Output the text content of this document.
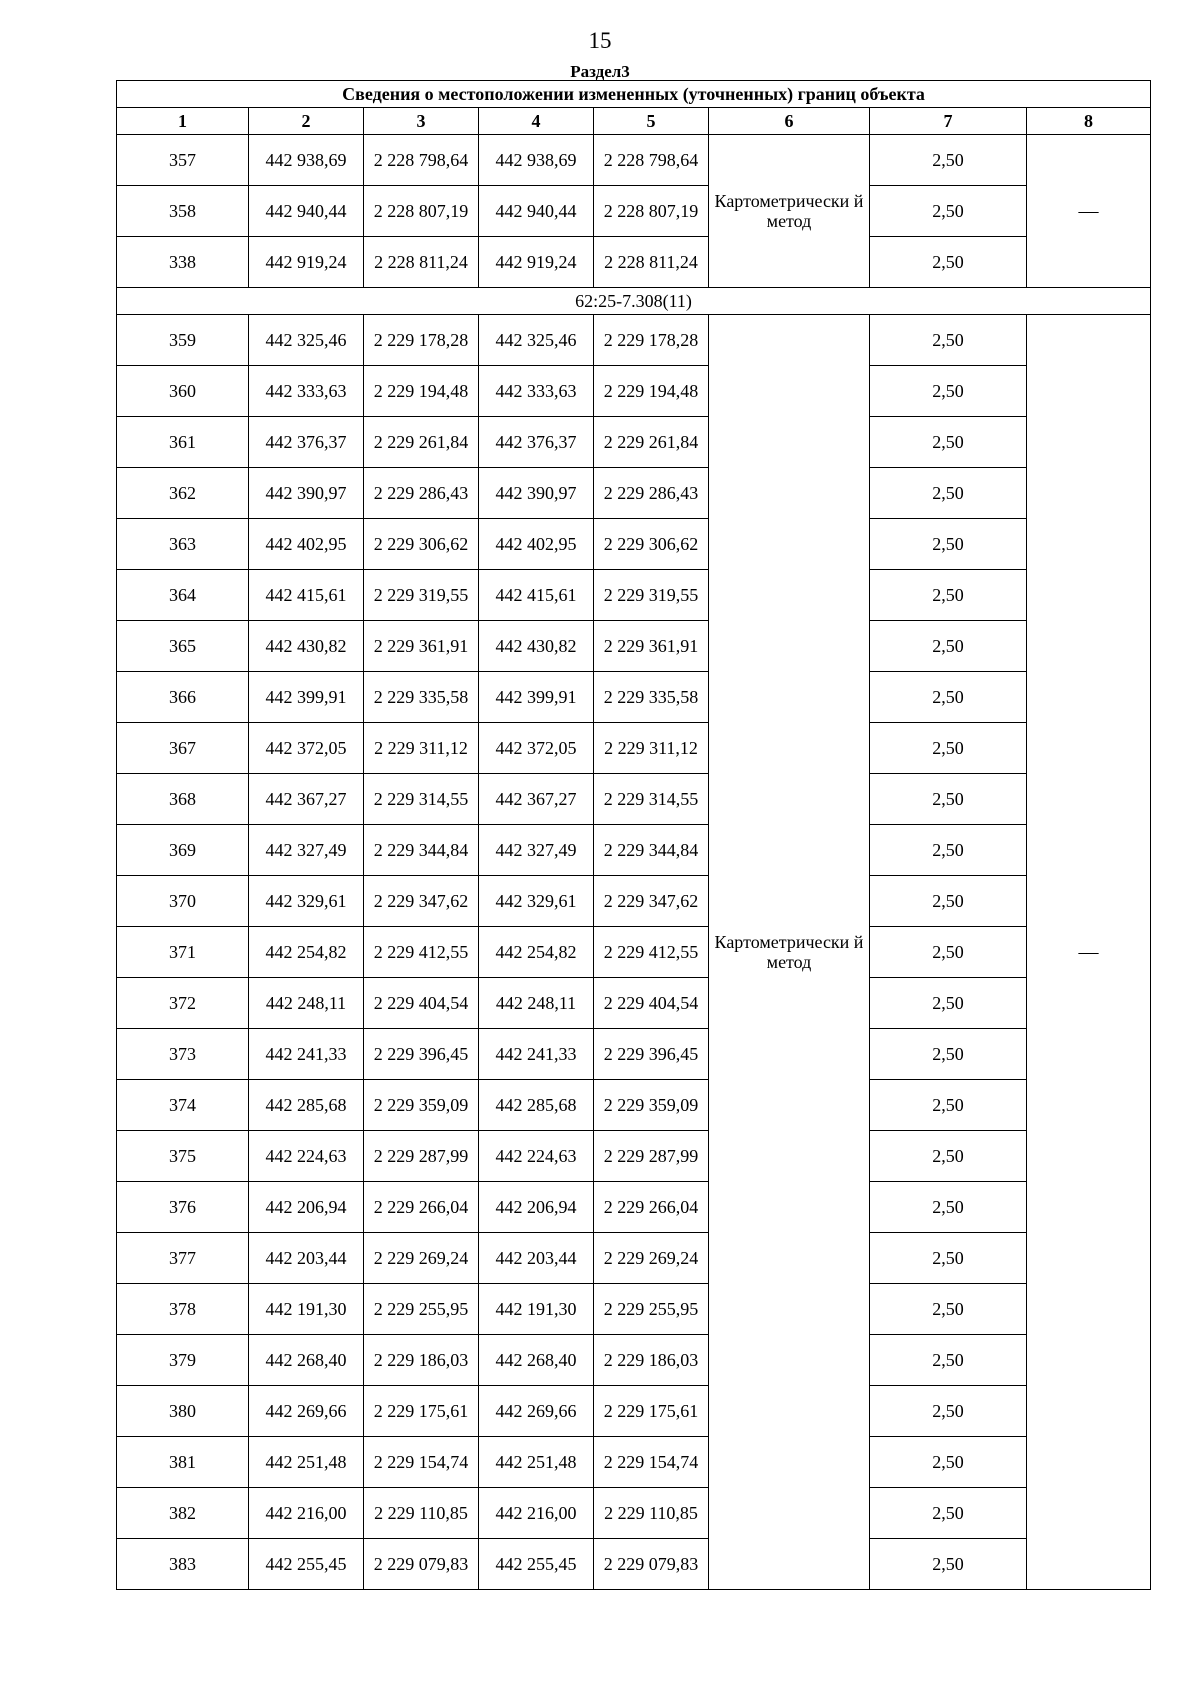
15
Раздел3
Сведения о местоположении измененных (уточненных) границ объекта							
1	2	3	4	5	6	7	8
357	442 938,69	2 228 798,64	442 938,69	2 228 798,64	Картометрически й метод	2,50	—
358	442 940,44	2 228 807,19	442 940,44	2 228 807,19		2,50	
338	442 919,24	2 228 811,24	442 919,24	2 228 811,24		2,50	
62:25-7.308(11)							
359	442 325,46	2 229 178,28	442 325,46	2 229 178,28	Картометрически й метод	2,50	—
360	442 333,63	2 229 194,48	442 333,63	2 229 194,48		2,50	
361	442 376,37	2 229 261,84	442 376,37	2 229 261,84		2,50	
362	442 390,97	2 229 286,43	442 390,97	2 229 286,43		2,50	
363	442 402,95	2 229 306,62	442 402,95	2 229 306,62		2,50	
364	442 415,61	2 229 319,55	442 415,61	2 229 319,55		2,50	
365	442 430,82	2 229 361,91	442 430,82	2 229 361,91		2,50	
366	442 399,91	2 229 335,58	442 399,91	2 229 335,58		2,50	
367	442 372,05	2 229 311,12	442 372,05	2 229 311,12		2,50	
368	442 367,27	2 229 314,55	442 367,27	2 229 314,55		2,50	
369	442 327,49	2 229 344,84	442 327,49	2 229 344,84		2,50	
370	442 329,61	2 229 347,62	442 329,61	2 229 347,62		2,50	
371	442 254,82	2 229 412,55	442 254,82	2 229 412,55		2,50	
372	442 248,11	2 229 404,54	442 248,11	2 229 404,54		2,50	
373	442 241,33	2 229 396,45	442 241,33	2 229 396,45		2,50	
374	442 285,68	2 229 359,09	442 285,68	2 229 359,09		2,50	
375	442 224,63	2 229 287,99	442 224,63	2 229 287,99		2,50	
376	442 206,94	2 229 266,04	442 206,94	2 229 266,04		2,50	
377	442 203,44	2 229 269,24	442 203,44	2 229 269,24		2,50	
378	442 191,30	2 229 255,95	442 191,30	2 229 255,95		2,50	
379	442 268,40	2 229 186,03	442 268,40	2 229 186,03		2,50	
380	442 269,66	2 229 175,61	442 269,66	2 229 175,61		2,50	
381	442 251,48	2 229 154,74	442 251,48	2 229 154,74		2,50	
382	442 216,00	2 229 110,85	442 216,00	2 229 110,85		2,50	
383	442 255,45	2 229 079,83	442 255,45	2 229 079,83		2,50	
